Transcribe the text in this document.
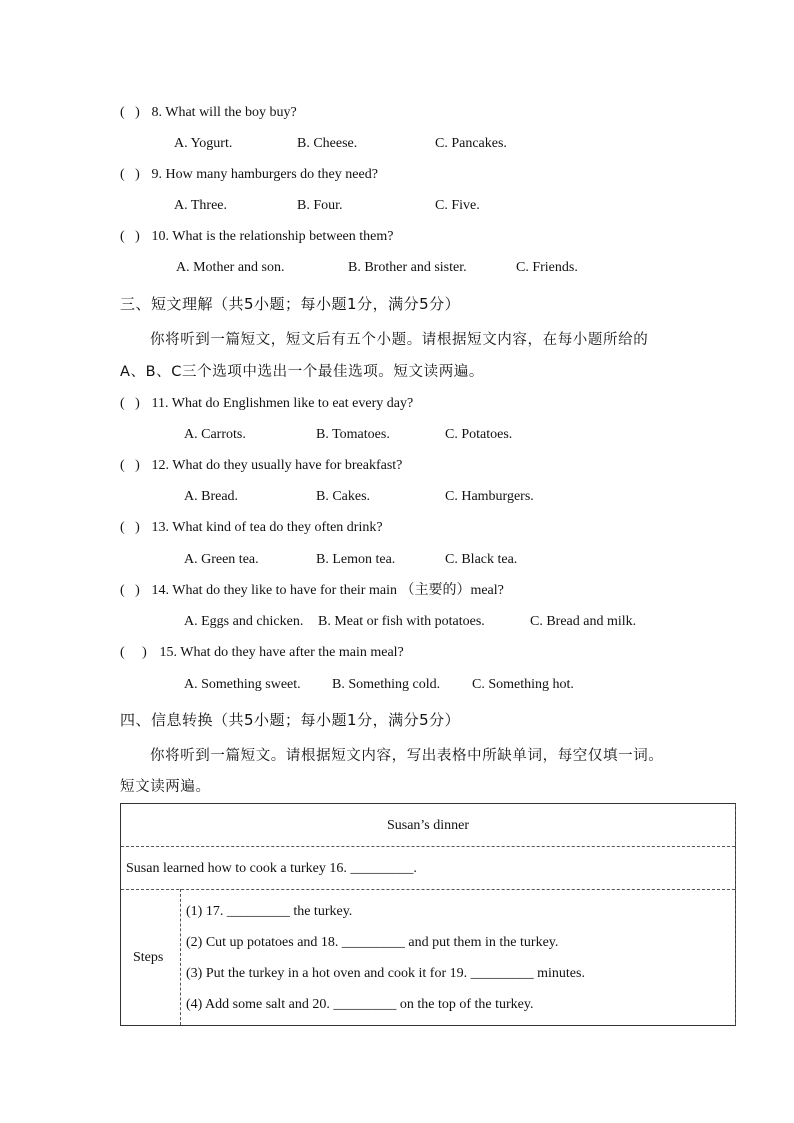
( ) 8. What will the boy buy?
A. Yogurt.	B. Cheese.	C. Pancakes.
( ) 9. How many hamburgers do they need?
A. Three.	B. Four.	C. Five.
( ) 10. What is the relationship between them?
A. Mother and son.	B. Brother and sister.	C. Friends.
三、短文理解（共5小题；每小题1分，满分5分）
你将听到一篇短文，短文后有五个小题。请根据短文内容，在每小题所给的
A、B、C三个选项中选出一个最佳选项。短文读两遍。
( ) 11. What do Englishmen like to eat every day?
A. Carrots.	B. Tomatoes.	C. Potatoes.
( ) 12. What do they usually have for breakfast?
A. Bread.	B. Cakes.	C. Hamburgers.
( ) 13. What kind of tea do they often drink?
A. Green tea.	B. Lemon tea.	C. Black tea.
( ) 14. What do they like to have for their main （主要的）meal?
A. Eggs and chicken. B. Meat or fish with potatoes.	C. Bread and milk.
( ) 15. What do they have after the main meal?
A. Something sweet. B. Something cold. C. Something hot.
四、信息转换（共5小题；每小题1分，满分5分）
你将听到一篇短文。请根据短文内容，写出表格中所缺单词，每空仅填一词。
短文读两遍。
Susan’s dinner
Susan learned how to cook a turkey 16. _________.
Steps
(1) 17. _________ the turkey.
(2) Cut up potatoes and 18. _________ and put them in the turkey.
(3) Put the turkey in a hot oven and cook it for 19. _________ minutes.
(4) Add some salt and 20. _________ on the top of the turkey.
